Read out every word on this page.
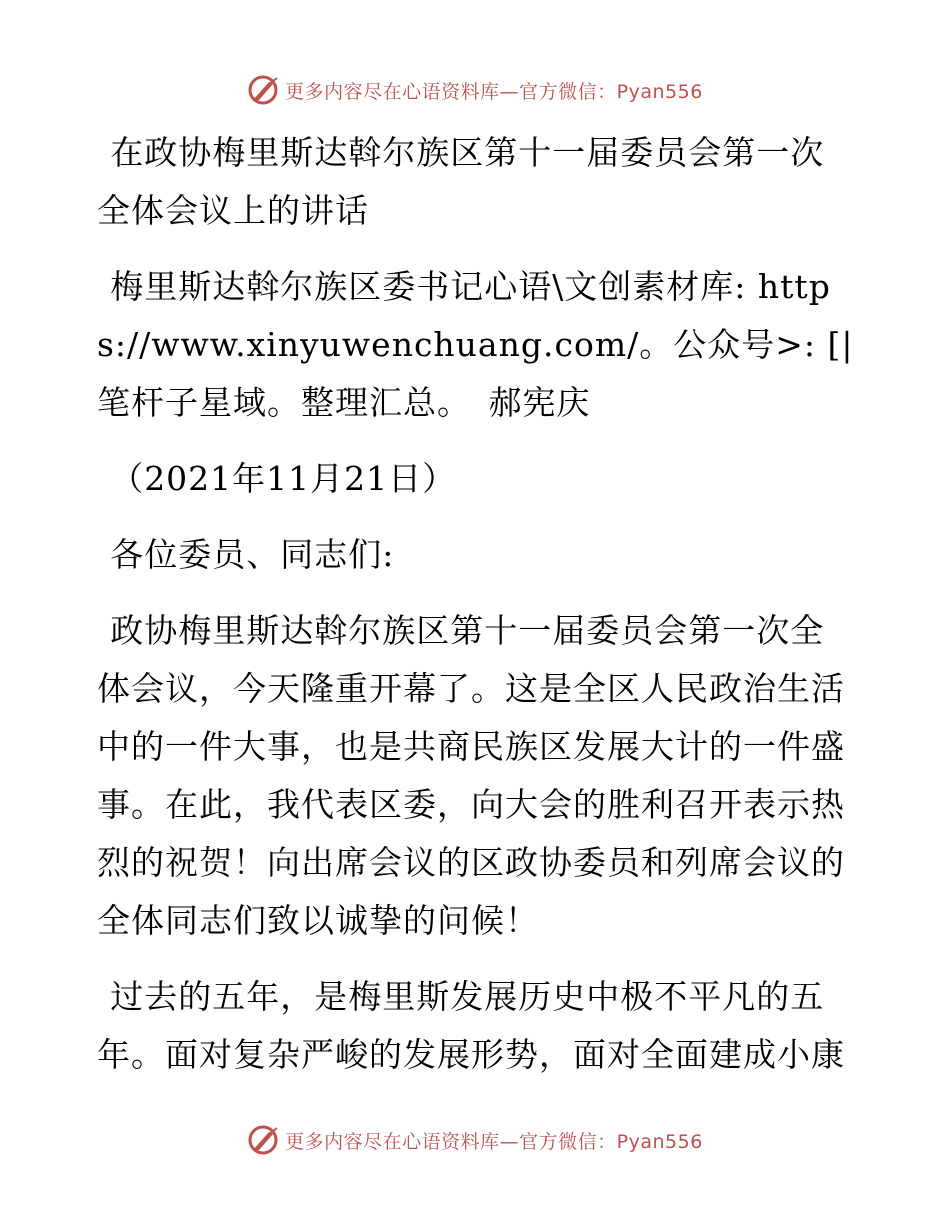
更多内容尽在心语资料库—官方微信：Pyan556

在政协梅里斯达斡尔族区第十一届委员会第一次全体会议上的讲话

梅里斯达斡尔族区委书记心语\文创素材库: https://www.xinyuwenchuang.com/。公众号>: [|笔杆子星域。整理汇总。　郝宪庆

（2021年11月21日）

各位委员、同志们:

政协梅里斯达斡尔族区第十一届委员会第一次全体会议，今天隆重开幕了。这是全区人民政治生活中的一件大事，也是共商民族区发展大计的一件盛事。在此，我代表区委，向大会的胜利召开表示热烈的祝贺！向出席会议的区政协委员和列席会议的全体同志们致以诚挚的问候！

过去的五年，是梅里斯发展历史中极不平凡的五年。面对复杂严峻的发展形势，面对全面建成小康

更多内容尽在心语资料库—官方微信：Pyan556
